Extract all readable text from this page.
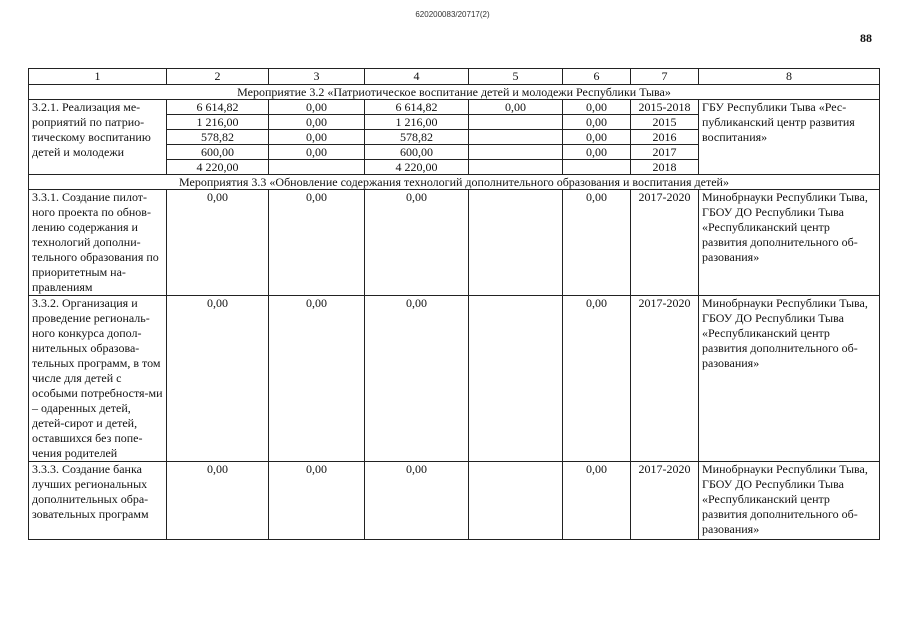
620200083/20717(2)
88
1	2	3	4	5	6	7	8
Мероприятие 3.2 «Патриотическое воспитание детей и молодежи Республики Тыва»							
3.2.1. Реализация ме-роприятий по патрио-тическому воспитанию детей и молодежи	6 614,82	0,00	6 614,82	0,00	0,00	2015-2018	ГБУ Республики Тыва «Рес-публиканский центр развития воспитания»
	1 216,00	0,00	1 216,00		0,00	2015	
	578,82	0,00	578,82		0,00	2016	
	600,00	0,00	600,00		0,00	2017	
	4 220,00		4 220,00			2018	
Мероприятия 3.3 «Обновление содержания технологий дополнительного образования и воспитания детей»							
3.3.1. Создание пилот-ного проекта по обнов-лению содержания и технологий дополни-тельного образования по приоритетным на-правлениям	0,00	0,00	0,00		0,00	2017-2020	Минобрнауки Республики Тыва, ГБОУ ДО Республики Тыва «Республиканский центр развития дополнительного об-разования»
3.3.2. Организация и проведение региональ-ного конкурса допол-нительных образова-тельных программ, в том числе для детей с особыми потребностя-ми – одаренных детей, детей-сирот и детей, оставшихся без попе-чения родителей	0,00	0,00	0,00		0,00	2017-2020	Минобрнауки Республики Тыва, ГБОУ ДО Республики Тыва «Республиканский центр развития дополнительного об-разования»
3.3.3. Создание банка лучших региональных дополнительных обра-зовательных программ	0,00	0,00	0,00		0,00	2017-2020	Минобрнауки Республики Тыва, ГБОУ ДО Республики Тыва «Республиканский центр развития дополнительного об-разования»
